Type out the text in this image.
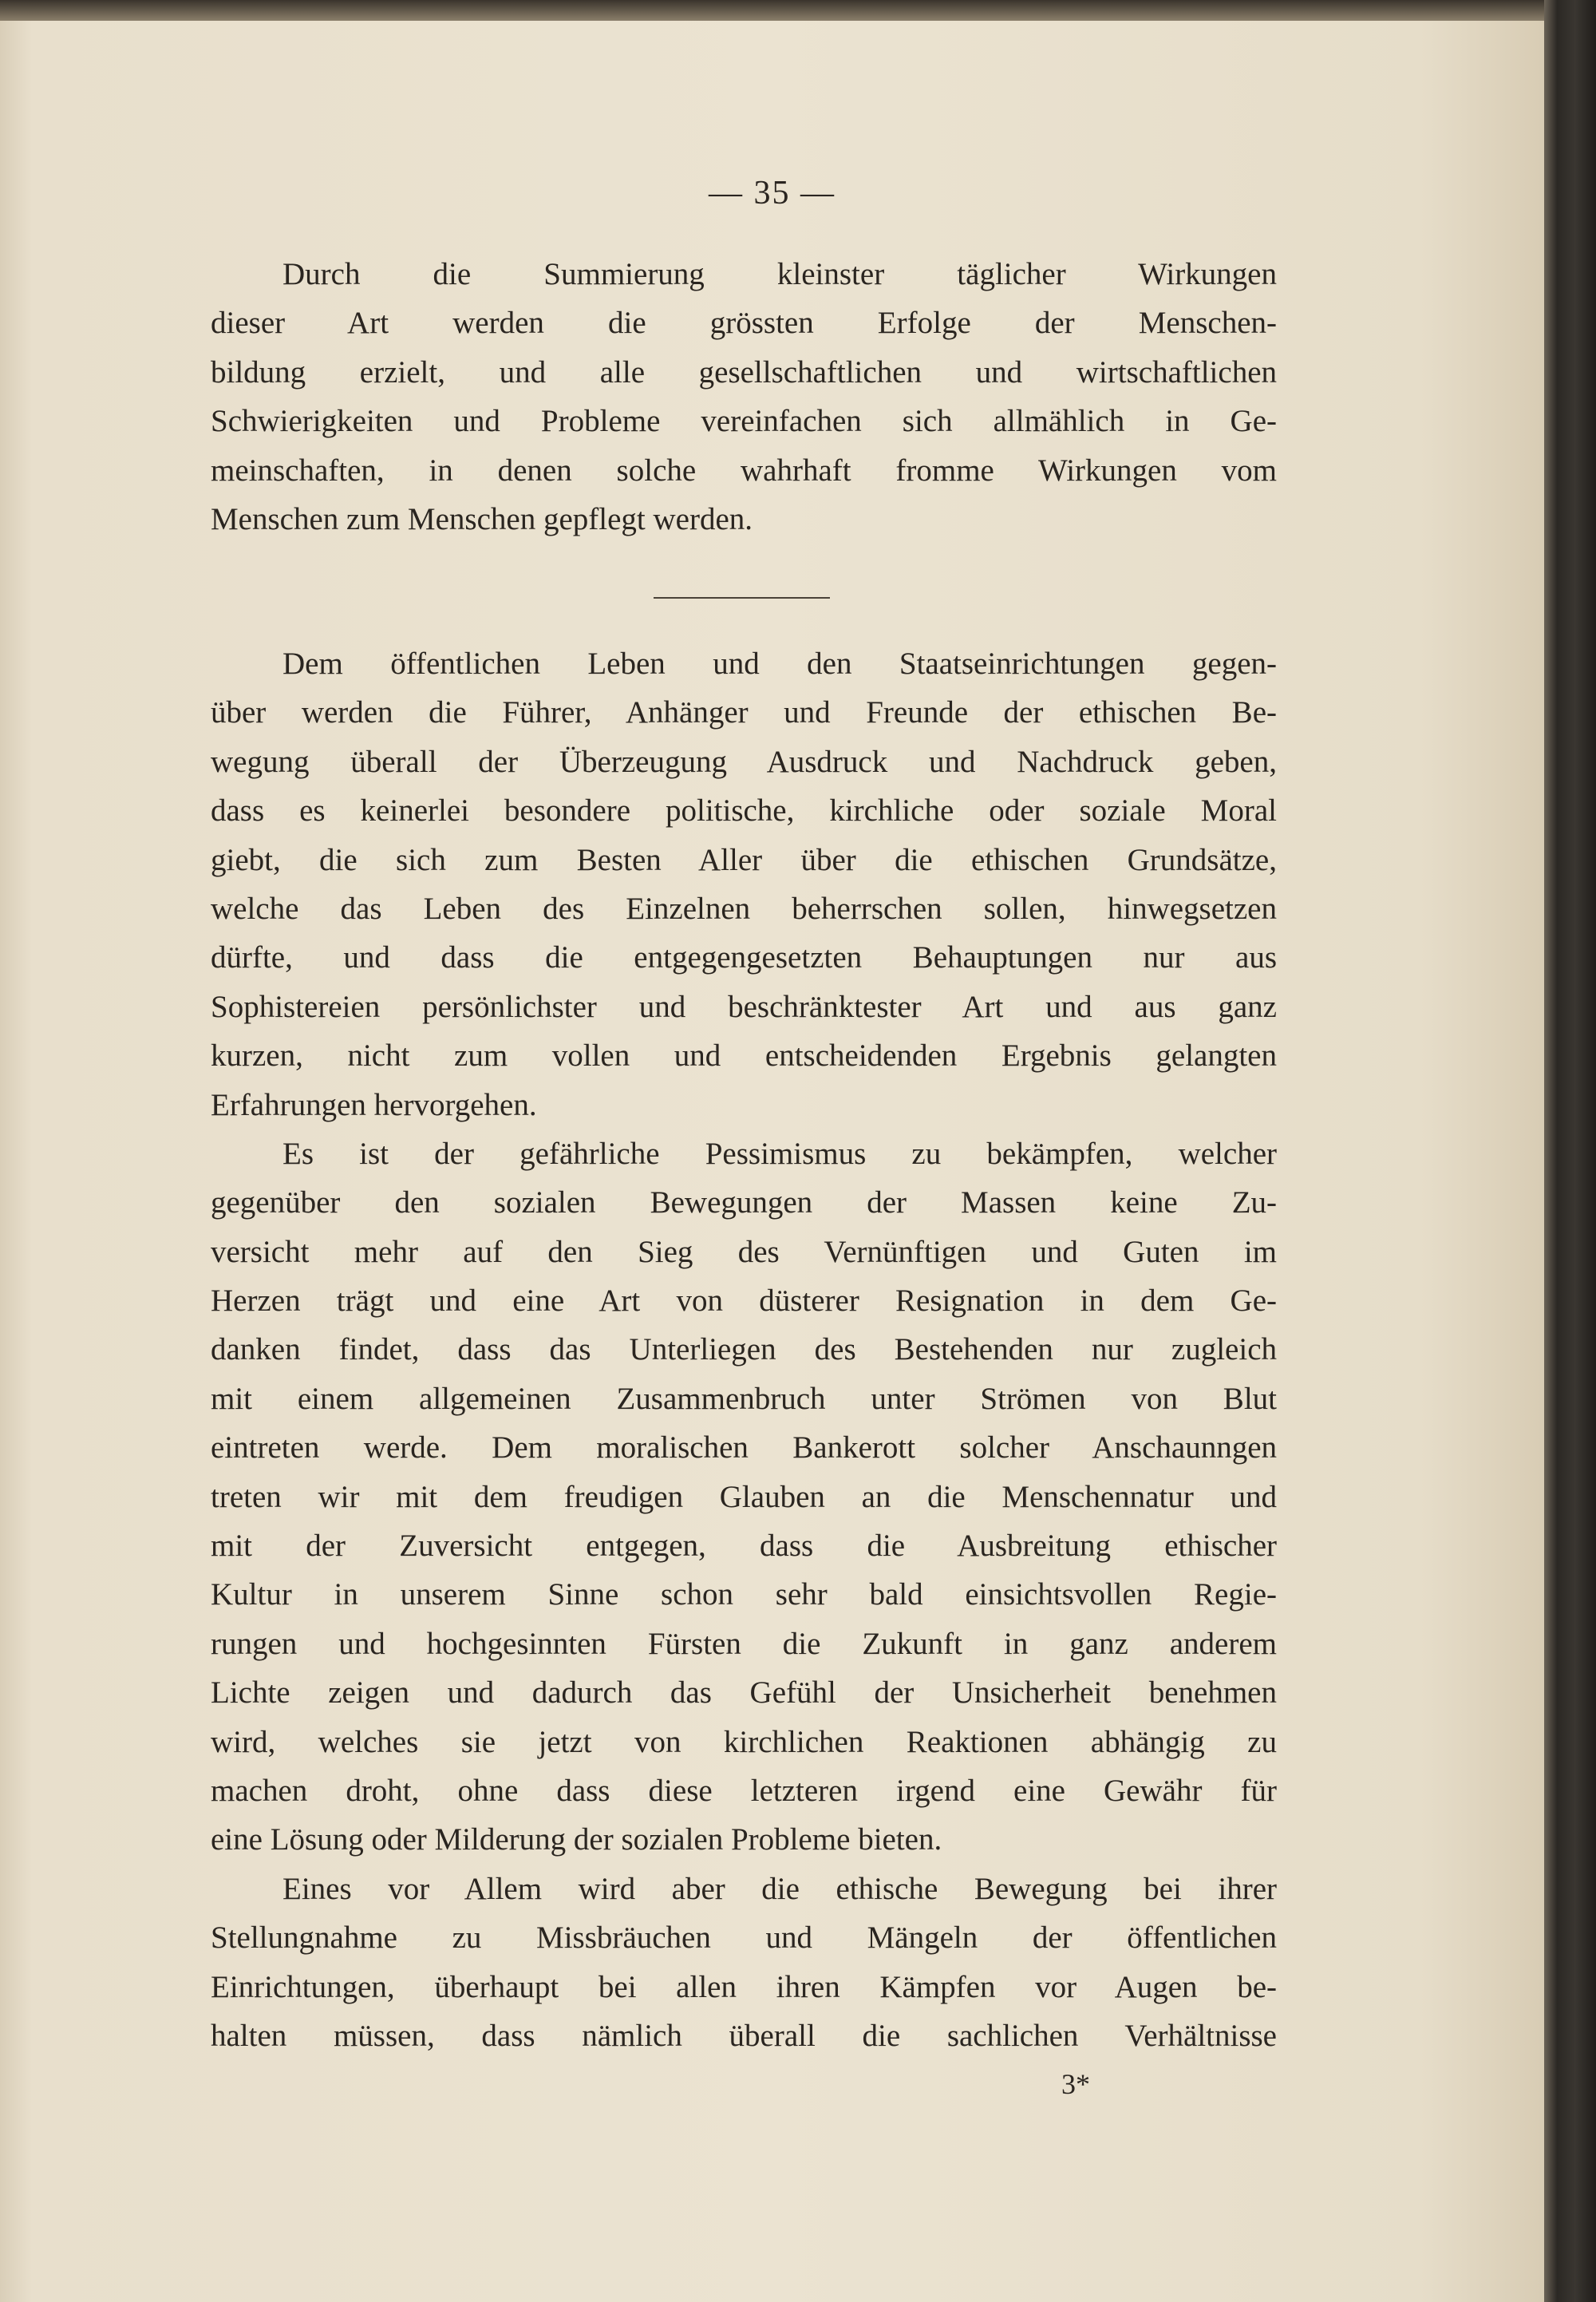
— 35 —
Durch die Summierung kleinster täglicher Wirkungen
dieser Art werden die grössten Erfolge der Menschen-
bildung erzielt, und alle gesellschaftlichen und wirtschaftlichen
Schwierigkeiten und Probleme vereinfachen sich allmählich in Ge-
meinschaften, in denen solche wahrhaft fromme Wirkungen vom
Menschen zum Menschen gepflegt werden.
Dem öffentlichen Leben und den Staatseinrichtungen gegen-
über werden die Führer, Anhänger und Freunde der ethischen Be-
wegung überall der Überzeugung Ausdruck und Nachdruck geben,
dass es keinerlei besondere politische, kirchliche oder soziale Moral
giebt, die sich zum Besten Aller über die ethischen Grundsätze,
welche das Leben des Einzelnen beherrschen sollen, hinwegsetzen
dürfte, und dass die entgegengesetzten Behauptungen nur aus
Sophistereien persönlichster und beschränktester Art und aus ganz
kurzen, nicht zum vollen und entscheidenden Ergebnis gelangten
Erfahrungen hervorgehen.
Es ist der gefährliche Pessimismus zu bekämpfen, welcher
gegenüber den sozialen Bewegungen der Massen keine Zu-
versicht mehr auf den Sieg des Vernünftigen und Guten im
Herzen trägt und eine Art von düsterer Resignation in dem Ge-
danken findet, dass das Unterliegen des Bestehenden nur zugleich
mit einem allgemeinen Zusammenbruch unter Strömen von Blut
eintreten werde. Dem moralischen Bankerott solcher Anschaunngen
treten wir mit dem freudigen Glauben an die Menschennatur und
mit der Zuversicht entgegen, dass die Ausbreitung ethischer
Kultur in unserem Sinne schon sehr bald einsichtsvollen Regie-
rungen und hochgesinnten Fürsten die Zukunft in ganz anderem
Lichte zeigen und dadurch das Gefühl der Unsicherheit benehmen
wird, welches sie jetzt von kirchlichen Reaktionen abhängig zu
machen droht, ohne dass diese letzteren irgend eine Gewähr für
eine Lösung oder Milderung der sozialen Probleme bieten.
Eines vor Allem wird aber die ethische Bewegung bei ihrer
Stellungnahme zu Missbräuchen und Mängeln der öffentlichen
Einrichtungen, überhaupt bei allen ihren Kämpfen vor Augen be-
halten müssen, dass nämlich überall die sachlichen Verhältnisse
3*
